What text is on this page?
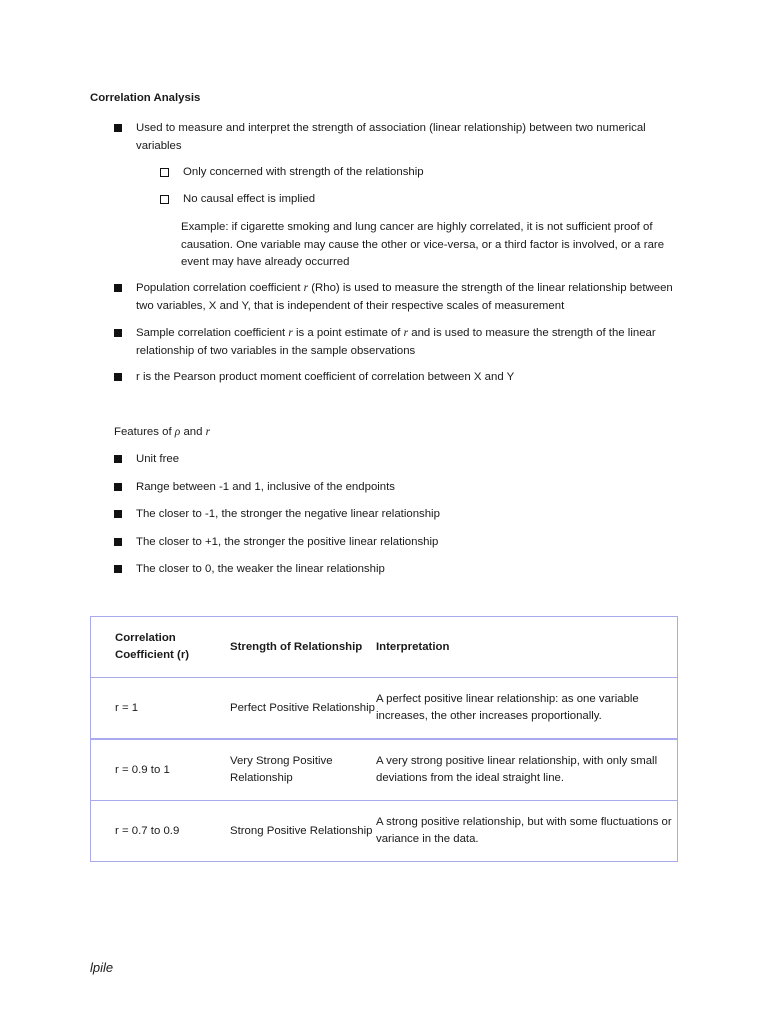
Correlation Analysis
Used to measure and interpret the strength of association (linear relationship) between two numerical variables
Only concerned with strength of the relationship
No causal effect is implied
Example: if cigarette smoking and lung cancer are highly correlated, it is not sufficient proof of causation. One variable may cause the other or vice-versa, or a third factor is involved, or a rare event may have already occurred
Population correlation coefficient r (Rho) is used to measure the strength of the linear relationship between two variables, X and Y, that is independent of their respective scales of measurement
Sample correlation coefficient r is a point estimate of r and is used to measure the strength of the linear relationship of two variables in the sample observations
r is the Pearson product moment coefficient of correlation between X and Y
Features of ρ and r
Unit free
Range between -1 and 1, inclusive of the endpoints
The closer to -1, the stronger the negative linear relationship
The closer to +1, the stronger the positive linear relationship
The closer to 0, the weaker the linear relationship
Correlation Coefficient (r)	Strength of Relationship	Interpretation
r = 1	Perfect Positive Relationship	A perfect positive linear relationship: as one variable increases, the other increases proportionally.
r = 0.9 to 1	Very Strong Positive Relationship	A very strong positive linear relationship, with only small deviations from the ideal straight line.
r = 0.7 to 0.9	Strong Positive Relationship	A strong positive relationship, but with some fluctuations or variance in the data.
lpile
